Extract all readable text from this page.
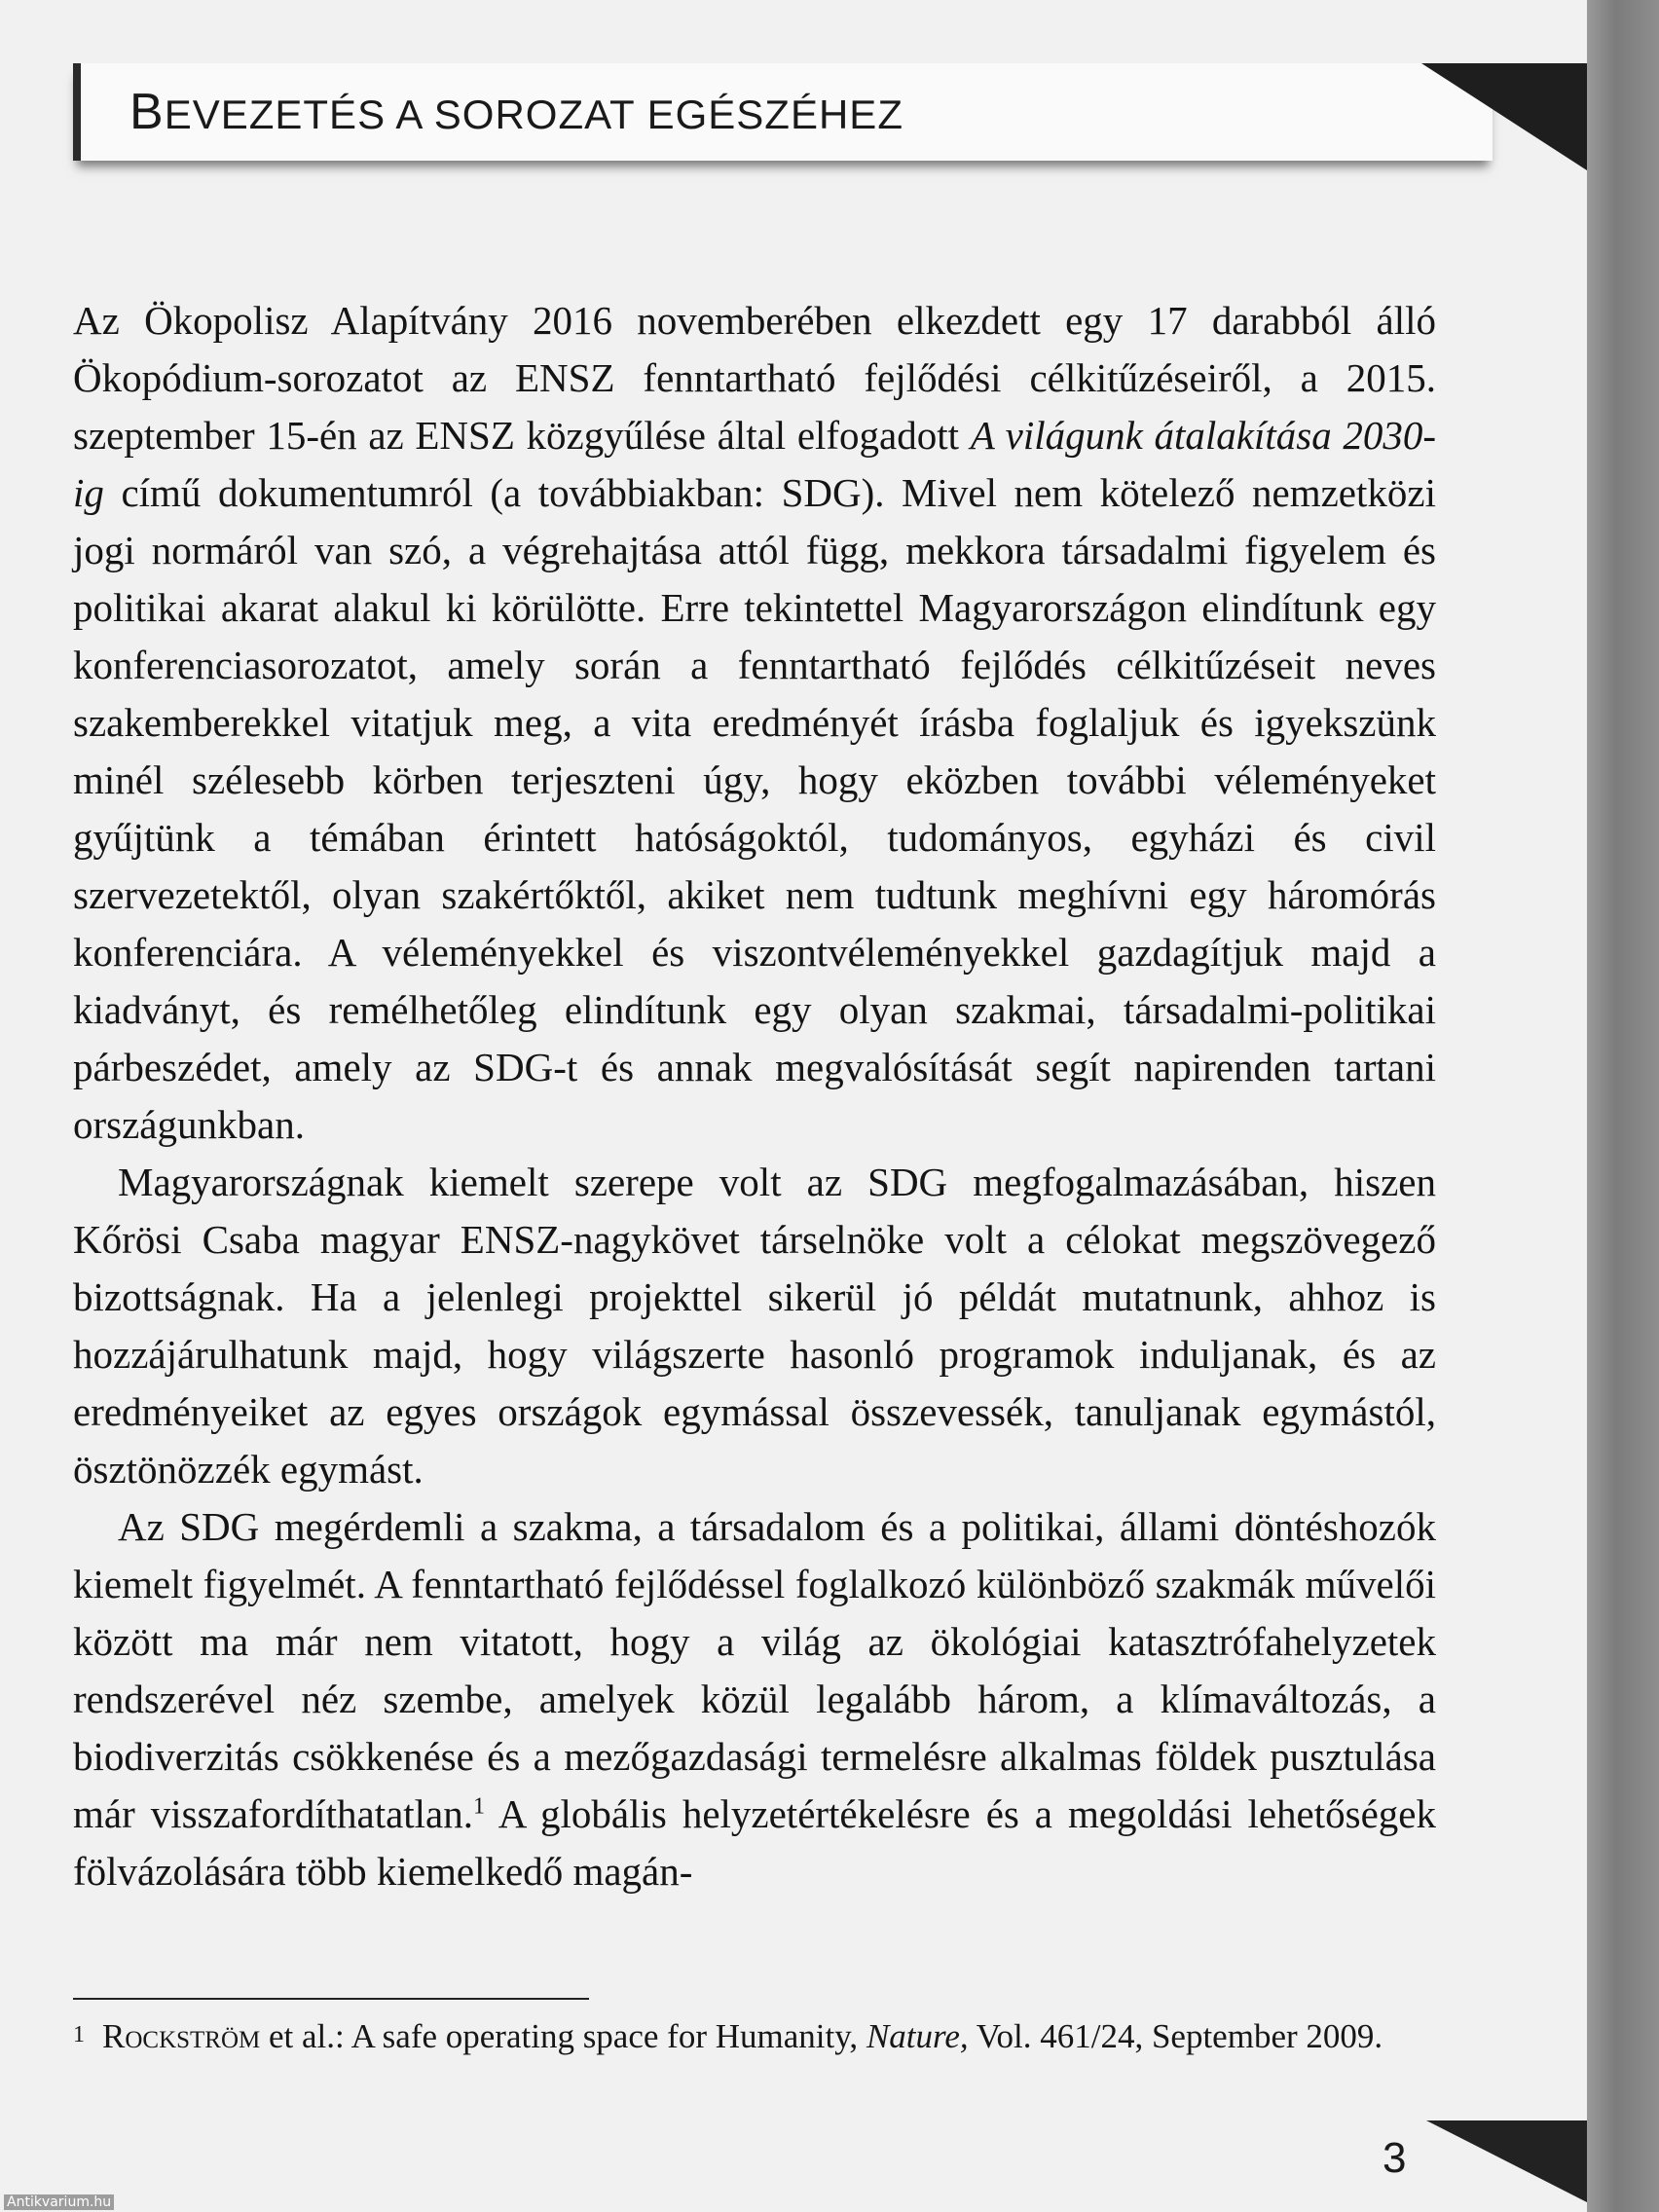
BEVEZETÉS A SOROZAT EGÉSZÉHEZ

Az Ökopolisz Alapítvány 2016 novemberében elkezdett egy 17 darabból álló Ökopódium-sorozatot az ENSZ fenntartható fejlődési célkitűzéseiről, a 2015. szeptember 15-én az ENSZ közgyűlése által elfogadott A világunk átalakítása 2030-ig című dokumentumról (a továbbiakban: SDG). Mivel nem kötelező nemzetközi jogi normáról van szó, a végrehajtása attól függ, mekkora társadalmi figyelem és politikai akarat alakul ki körülötte. Erre tekintettel Magyarországon elindítunk egy konferenciasorozatot, amely során a fenntartható fejlődés célkitűzéseit neves szakemberekkel vitatjuk meg, a vita eredményét írásba foglaljuk és igyekszünk minél szélesebb körben terjeszteni úgy, hogy eközben további véleményeket gyűjtünk a témában érintett hatóságoktól, tudományos, egyházi és civil szervezetektől, olyan szakértőktől, akiket nem tudtunk meghívni egy háromórás konferenciára. A véleményekkel és viszontvéleményekkel gazdagítjuk majd a kiadványt, és remélhetőleg elindítunk egy olyan szakmai, társadalmi-politikai párbeszédet, amely az SDG-t és annak megvalósítását segít napirenden tartani országunkban.

Magyarországnak kiemelt szerepe volt az SDG megfogalmazásában, hiszen Kőrösi Csaba magyar ENSZ-nagykövet társelnöke volt a célokat megszövegező bizottságnak. Ha a jelenlegi projekttel sikerül jó példát mutatnunk, ahhoz is hozzájárulhatunk majd, hogy világszerte hasonló programok induljanak, és az eredményeiket az egyes országok egymással összevessék, tanuljanak egymástól, ösztönözzék egymást.

Az SDG megérdemli a szakma, a társadalom és a politikai, állami döntéshozók kiemelt figyelmét. A fenntartható fejlődéssel foglalkozó különböző szakmák művelői között ma már nem vitatott, hogy a világ az ökológiai katasztrófahelyzetek rendszerével néz szembe, amelyek közül legalább három, a klímaváltozás, a biodiverzitás csökkenése és a mezőgazdasági termelésre alkalmas földek pusztulása már visszafordíthatatlan.$^1$ A globális helyzetértékelésre és a megoldási lehetőségek fölvázolására több kiemelkedő magán-

1 Rockström et al.: A safe operating space for Humanity, Nature, Vol. 461/24, September 2009.
3
Antikvarium.hu
